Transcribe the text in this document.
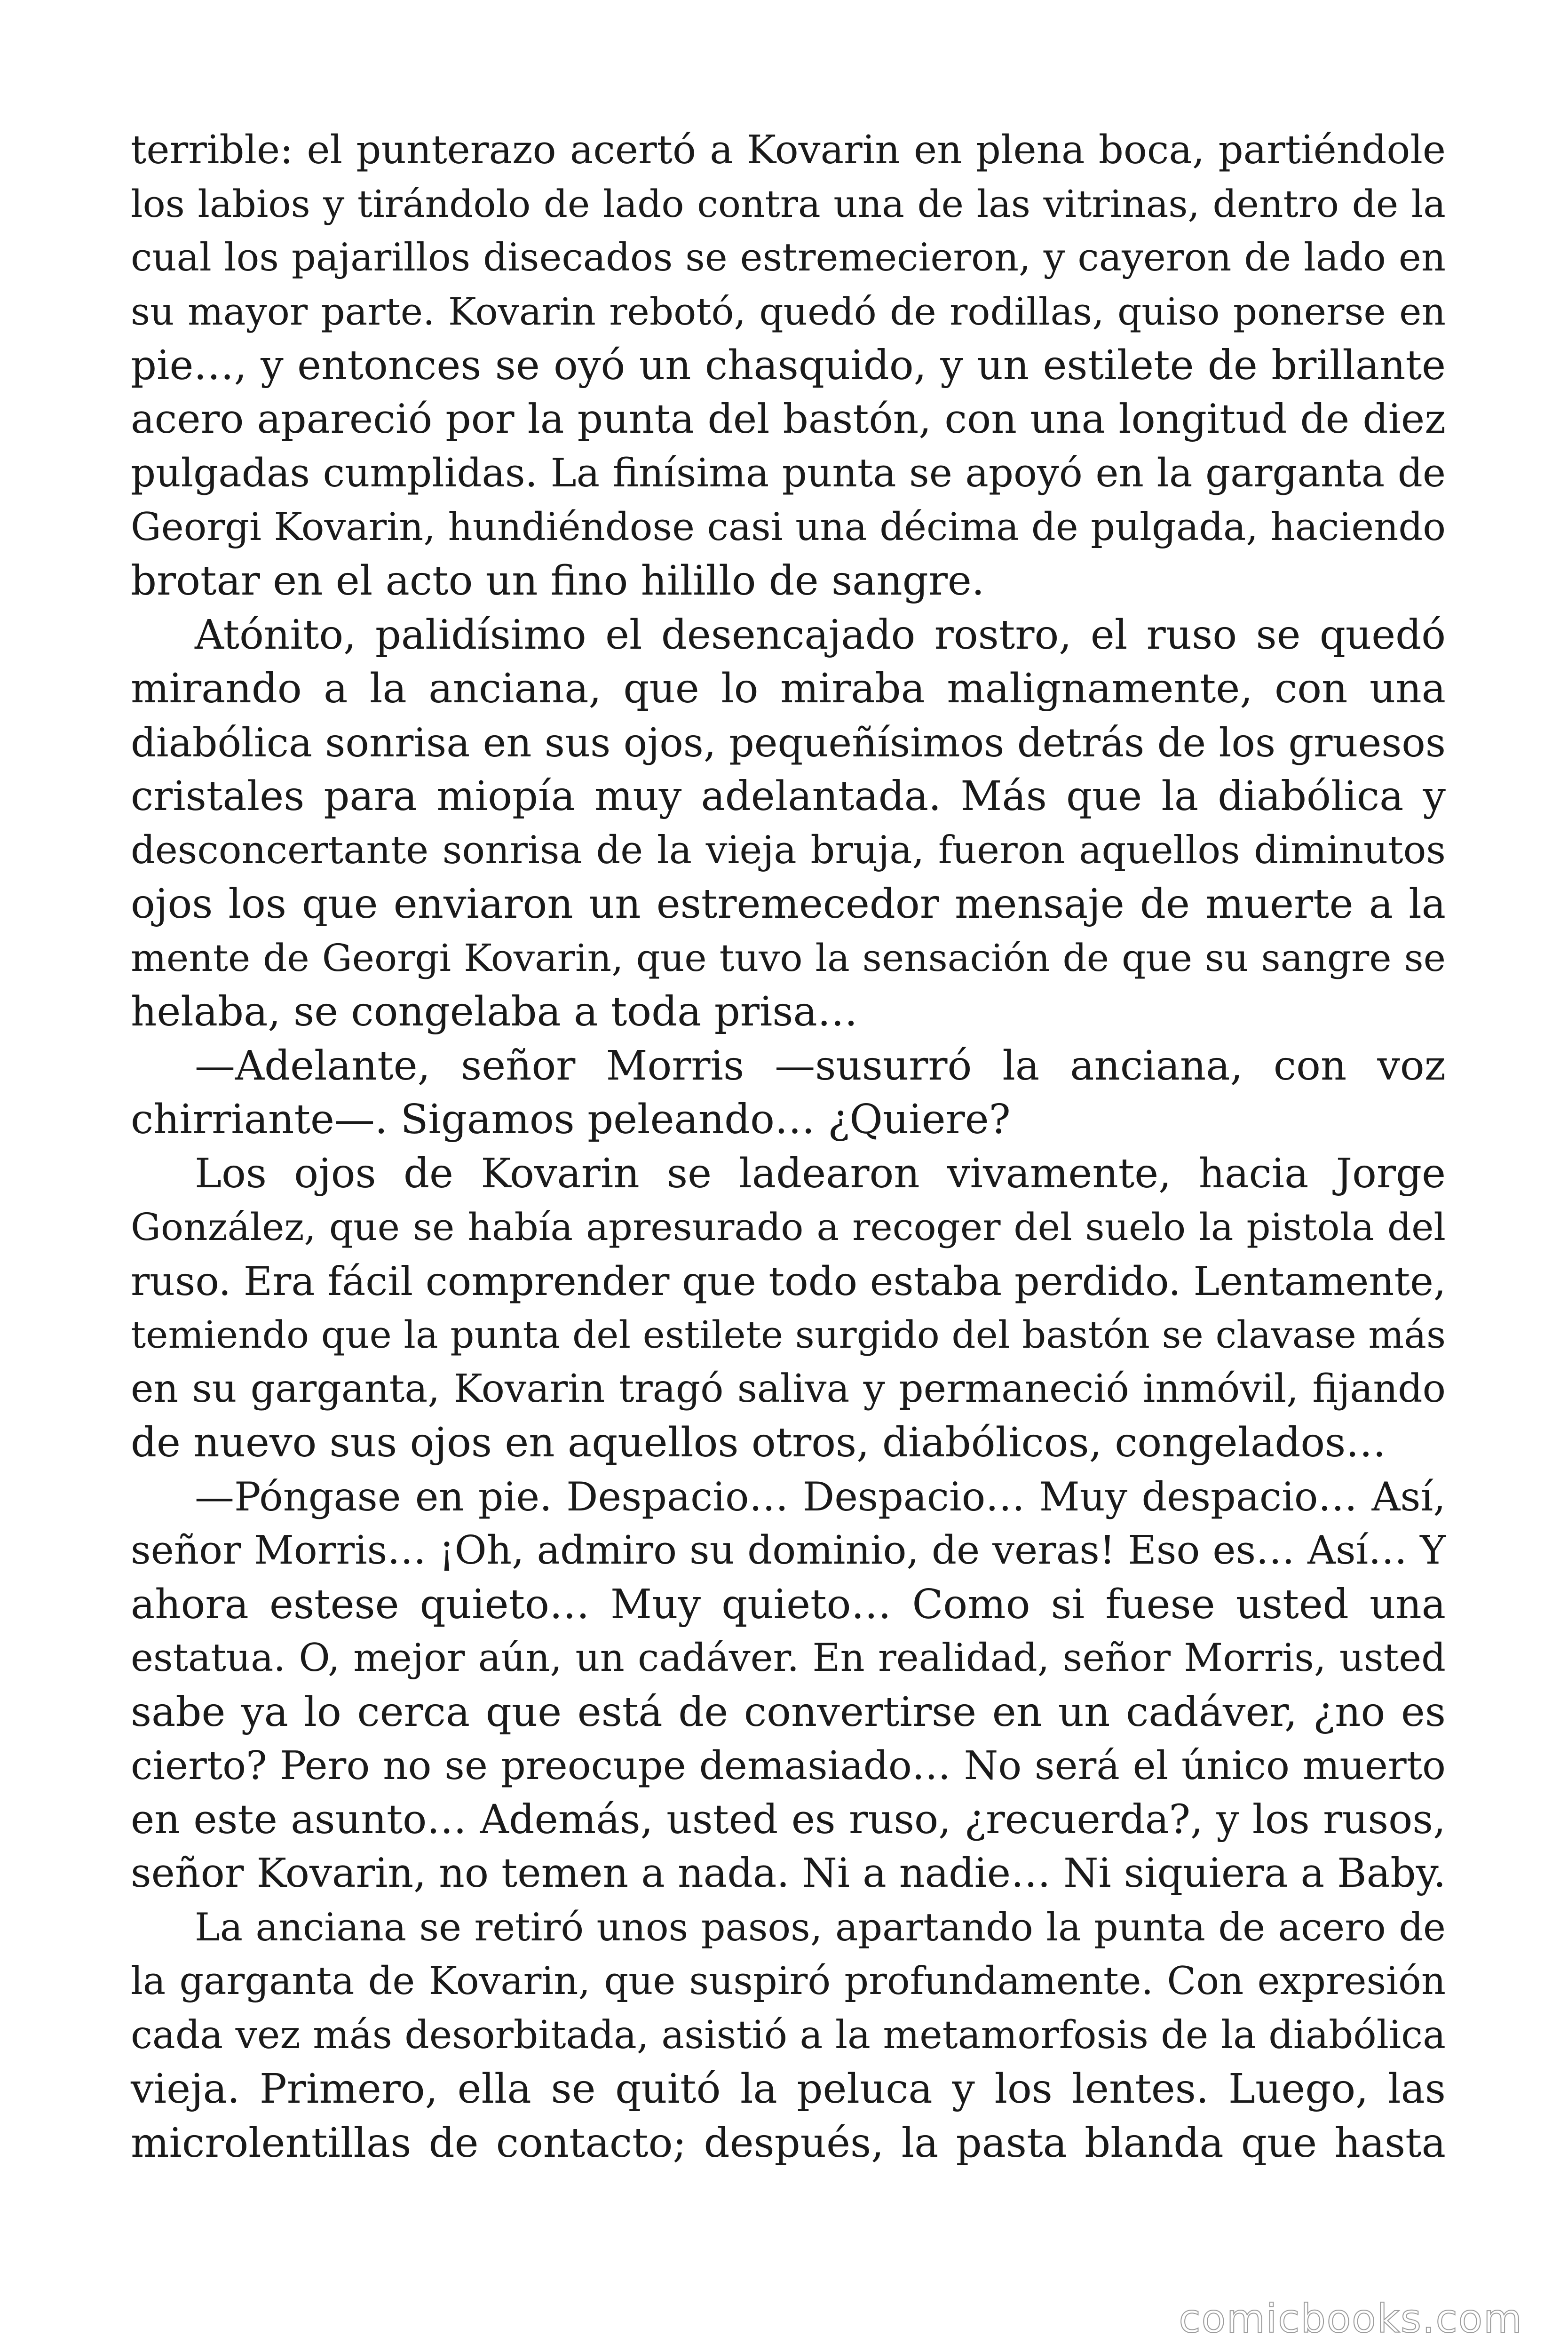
terrible: el punterazo acertó a Kovarin en plena boca, partiéndole
los labios y tirándolo de lado contra una de las vitrinas, dentro de la
cual los pajarillos disecados se estremecieron, y cayeron de lado en
su mayor parte. Kovarin rebotó, quedó de rodillas, quiso ponerse en
pie…, y entonces se oyó un chasquido, y un estilete de brillante
acero apareció por la punta del bastón, con una longitud de diez
pulgadas cumplidas. La finísima punta se apoyó en la garganta de
Georgi Kovarin, hundiéndose casi una décima de pulgada, haciendo
brotar en el acto un fino hilillo de sangre.
Atónito, palidísimo el desencajado rostro, el ruso se quedó
mirando a la anciana, que lo miraba malignamente, con una
diabólica sonrisa en sus ojos, pequeñísimos detrás de los gruesos
cristales para miopía muy adelantada. Más que la diabólica y
desconcertante sonrisa de la vieja bruja, fueron aquellos diminutos
ojos los que enviaron un estremecedor mensaje de muerte a la
mente de Georgi Kovarin, que tuvo la sensación de que su sangre se
helaba, se congelaba a toda prisa…
—Adelante, señor Morris —susurró la anciana, con voz
chirriante—. Sigamos peleando… ¿Quiere?
Los ojos de Kovarin se ladearon vivamente, hacia Jorge
González, que se había apresurado a recoger del suelo la pistola del
ruso. Era fácil comprender que todo estaba perdido. Lentamente,
temiendo que la punta del estilete surgido del bastón se clavase más
en su garganta, Kovarin tragó saliva y permaneció inmóvil, fijando
de nuevo sus ojos en aquellos otros, diabólicos, congelados…
—Póngase en pie. Despacio… Despacio… Muy despacio… Así,
señor Morris… ¡Oh, admiro su dominio, de veras! Eso es… Así… Y
ahora estese quieto… Muy quieto… Como si fuese usted una
estatua. O, mejor aún, un cadáver. En realidad, señor Morris, usted
sabe ya lo cerca que está de convertirse en un cadáver, ¿no es
cierto? Pero no se preocupe demasiado… No será el único muerto
en este asunto… Además, usted es ruso, ¿recuerda?, y los rusos,
señor Kovarin, no temen a nada. Ni a nadie… Ni siquiera a Baby.
La anciana se retiró unos pasos, apartando la punta de acero de
la garganta de Kovarin, que suspiró profundamente. Con expresión
cada vez más desorbitada, asistió a la metamorfosis de la diabólica
vieja. Primero, ella se quitó la peluca y los lentes. Luego, las
microlentillas de contacto; después, la pasta blanda que hasta
comicbooks.com
